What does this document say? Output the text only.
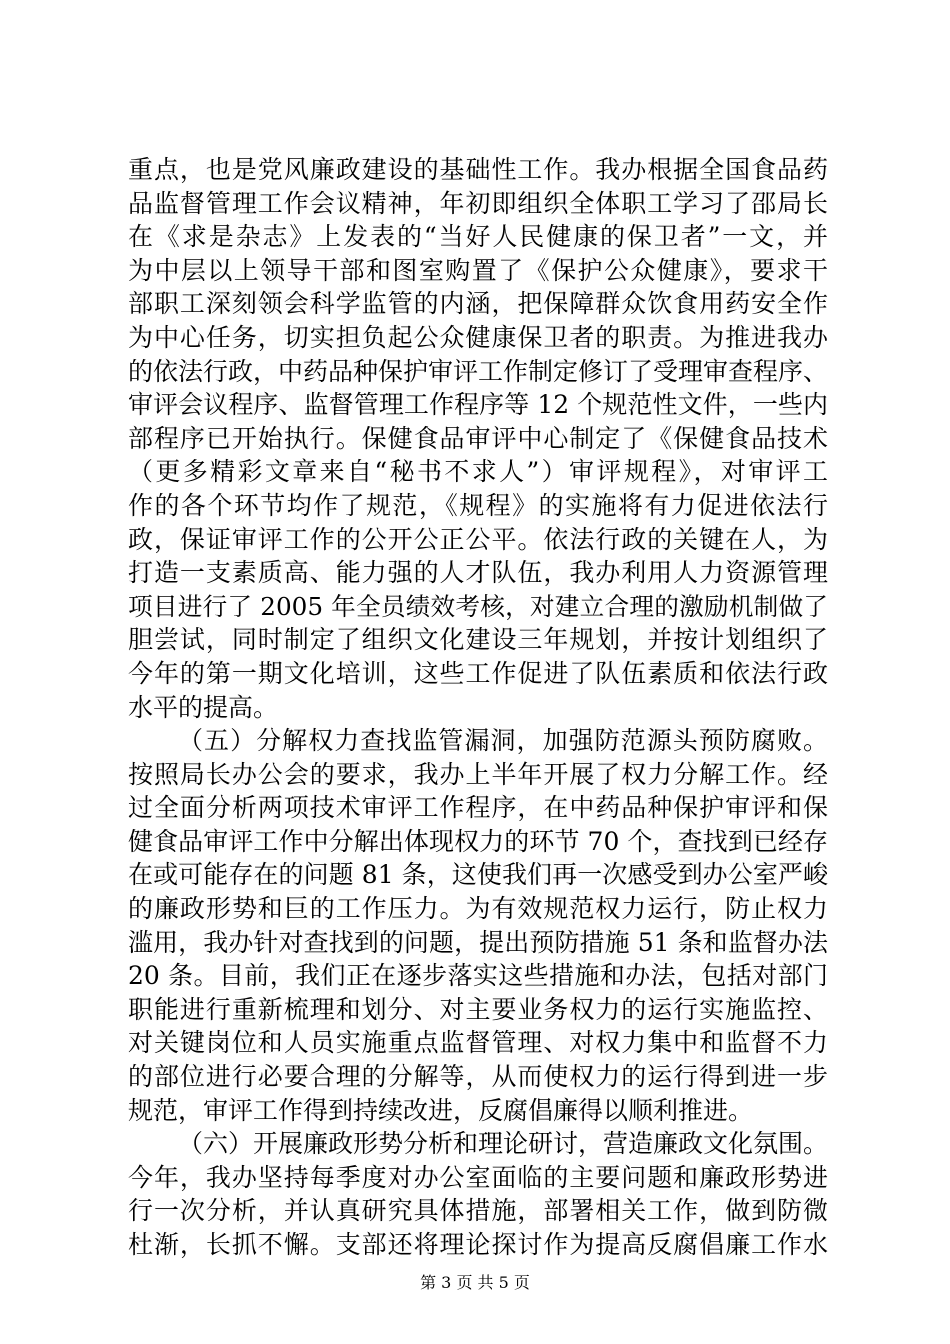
重点，也是党风廉政建设的基础性工作。我办根据全国食品药
品监督管理工作会议精神，年初即组织全体职工学习了邵局长
在《求是杂志》上发表的“当好人民健康的保卫者”一文，并
为中层以上领导干部和图室购置了《保护公众健康》，要求干
部职工深刻领会科学监管的内涵，把保障群众饮食用药安全作
为中心任务，切实担负起公众健康保卫者的职责。为推进我办
的依法行政，中药品种保护审评工作制定修订了受理审查程序、
审评会议程序、监督管理工作程序等 12 个规范性文件，一些内
部程序已开始执行。保健食品审评中心制定了《保健食品技术
（更多精彩文章来自“秘书不求人”）审评规程》，对审评工
作的各个环节均作了规范，《规程》的实施将有力促进依法行
政，保证审评工作的公开公正公平。依法行政的关键在人，为
打造一支素质高、能力强的人才队伍，我办利用人力资源管理
项目进行了 2005 年全员绩效考核，对建立合理的激励机制做了
胆尝试，同时制定了组织文化建设三年规划，并按计划组织了
今年的第一期文化培训，这些工作促进了队伍素质和依法行政
水平的提高。
（五）分解权力查找监管漏洞，加强防范源头预防腐败。
按照局长办公会的要求，我办上半年开展了权力分解工作。经
过全面分析两项技术审评工作程序，在中药品种保护审评和保
健食品审评工作中分解出体现权力的环节 70 个，查找到已经存
在或可能存在的问题 81 条，这使我们再一次感受到办公室严峻
的廉政形势和巨的工作压力。为有效规范权力运行，防止权力
滥用，我办针对查找到的问题，提出预防措施 51 条和监督办法
20 条。目前，我们正在逐步落实这些措施和办法，包括对部门
职能进行重新梳理和划分、对主要业务权力的运行实施监控、
对关键岗位和人员实施重点监督管理、对权力集中和监督不力
的部位进行必要合理的分解等，从而使权力的运行得到进一步
规范，审评工作得到持续改进，反腐倡廉得以顺利推进。
（六）开展廉政形势分析和理论研讨，营造廉政文化氛围。
今年，我办坚持每季度对办公室面临的主要问题和廉政形势进
行一次分析，并认真研究具体措施，部署相关工作，做到防微
杜渐，长抓不懈。支部还将理论探讨作为提高反腐倡廉工作水
第 3 页 共 5 页
